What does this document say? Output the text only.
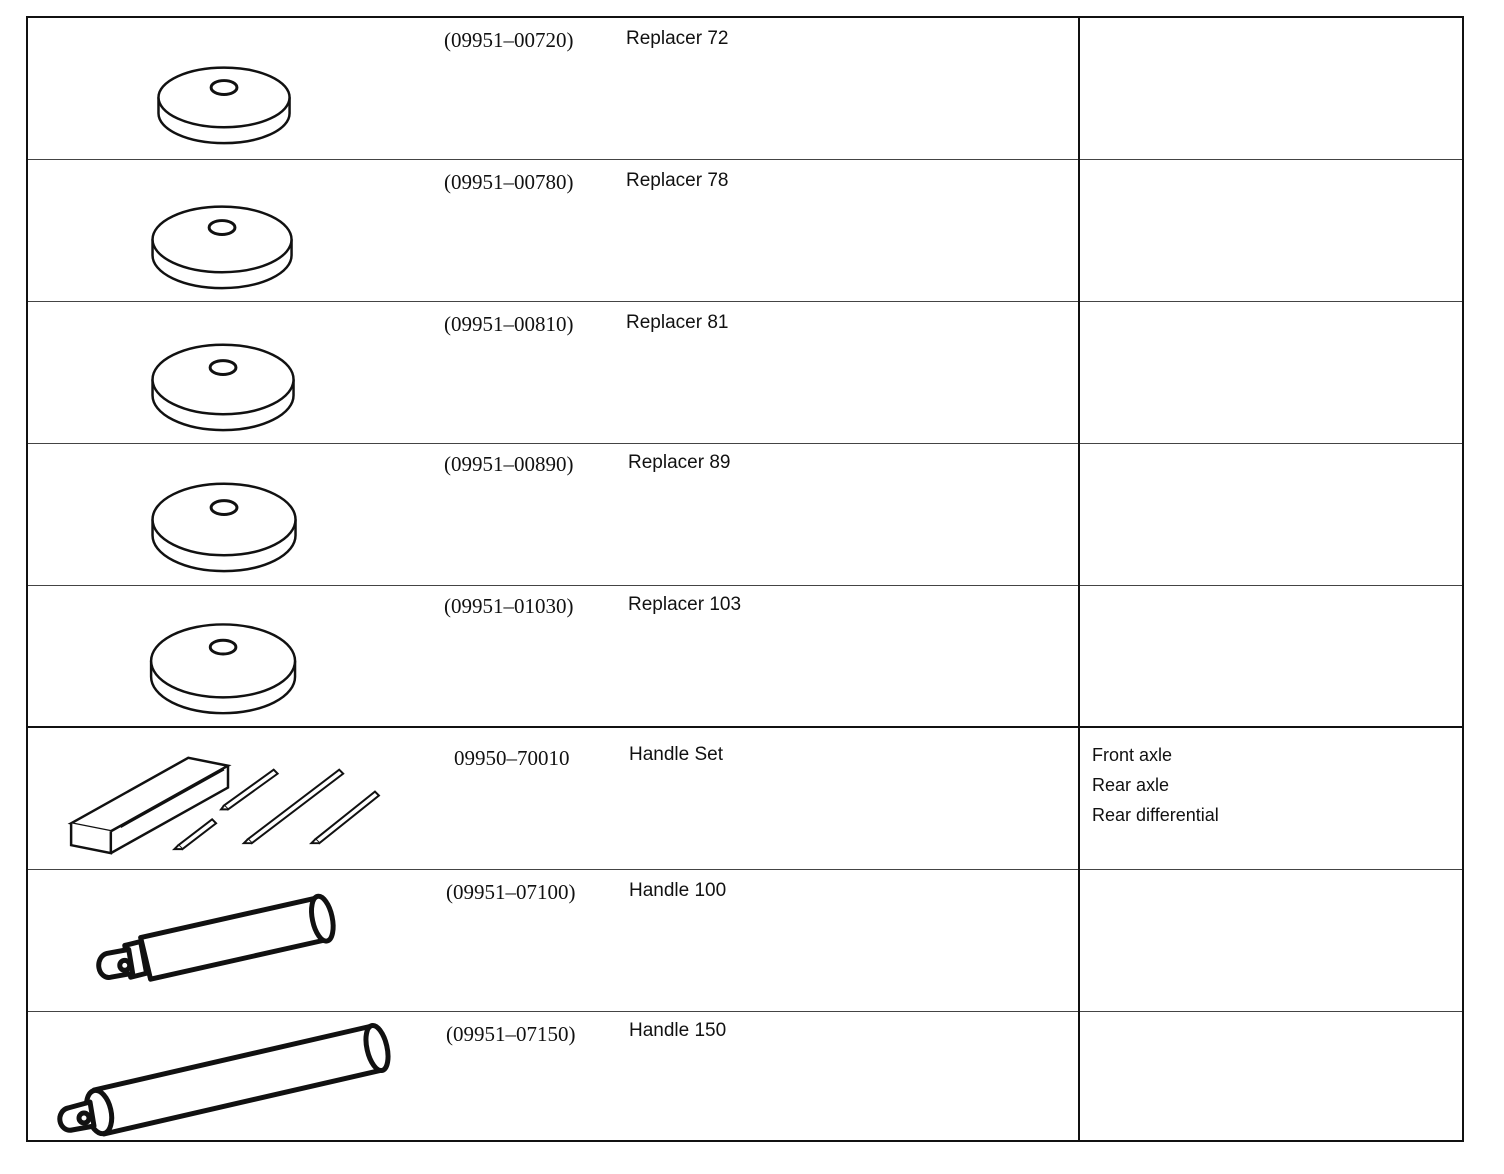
(09951–00720)	Replacer 72
(09951–00780)	Replacer 78
(09951–00810)	Replacer 81
(09951–00890)	Replacer 89
(09951–01030)	Replacer 103
09950–70010	Handle Set	Front axle
Rear axle
Rear differential
(09951–07100)	Handle 100
(09951–07150)	Handle 150
